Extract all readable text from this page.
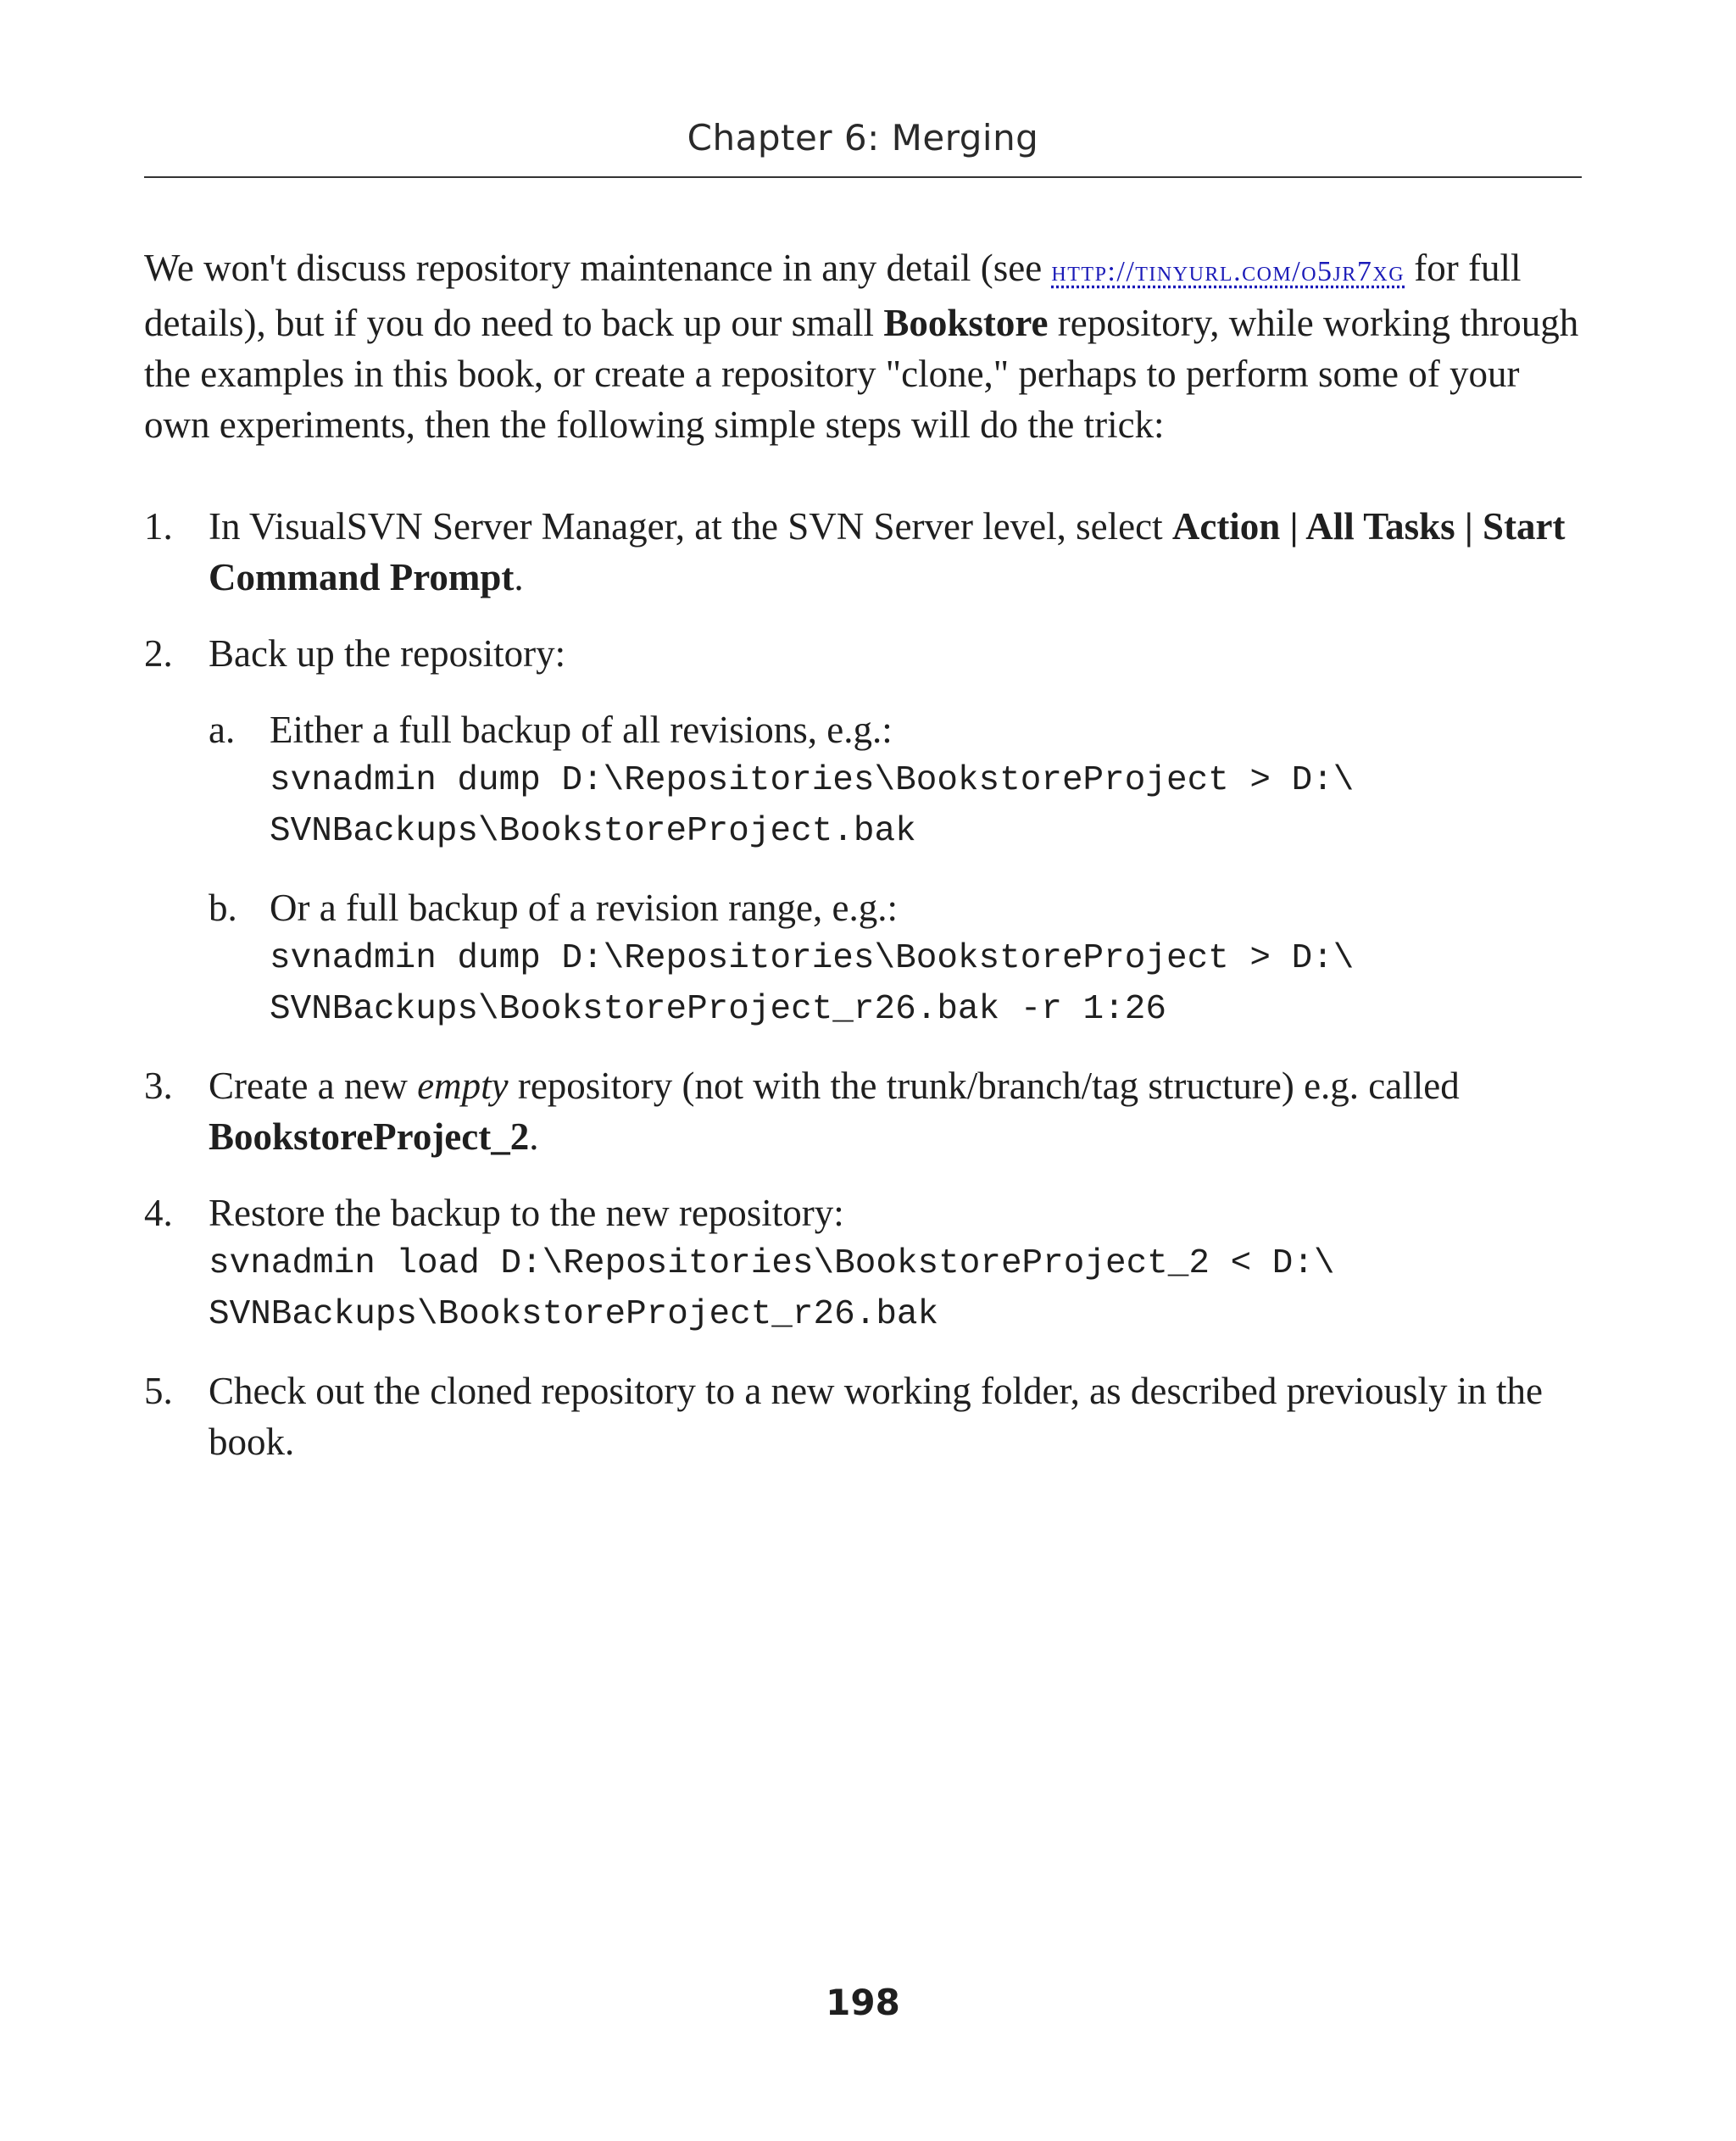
Chapter 6: Merging

We won't discuss repository maintenance in any detail (see http://tinyurl.com/o5jr7xg for full details), but if you do need to back up our small Bookstore repository, while working through the examples in this book, or create a repository "clone," perhaps to perform some of your own experiments, then the following simple steps will do the trick:

1. In VisualSVN Server Manager, at the SVN Server level, select Action | All Tasks | Start Command Prompt.
2. Back up the repository:
a. Either a full backup of all revisions, e.g.:
svnadmin dump D:\Repositories\BookstoreProject > D:\
SVNBackups\BookstoreProject.bak
b. Or a full backup of a revision range, e.g.:
svnadmin dump D:\Repositories\BookstoreProject > D:\
SVNBackups\BookstoreProject_r26.bak -r 1:26
3. Create a new empty repository (not with the trunk/branch/tag structure) e.g. called BookstoreProject_2.
4. Restore the backup to the new repository:
svnadmin load D:\Repositories\BookstoreProject_2 < D:\
SVNBackups\BookstoreProject_r26.bak
5. Check out the cloned repository to a new working folder, as described previously in the book.
198
